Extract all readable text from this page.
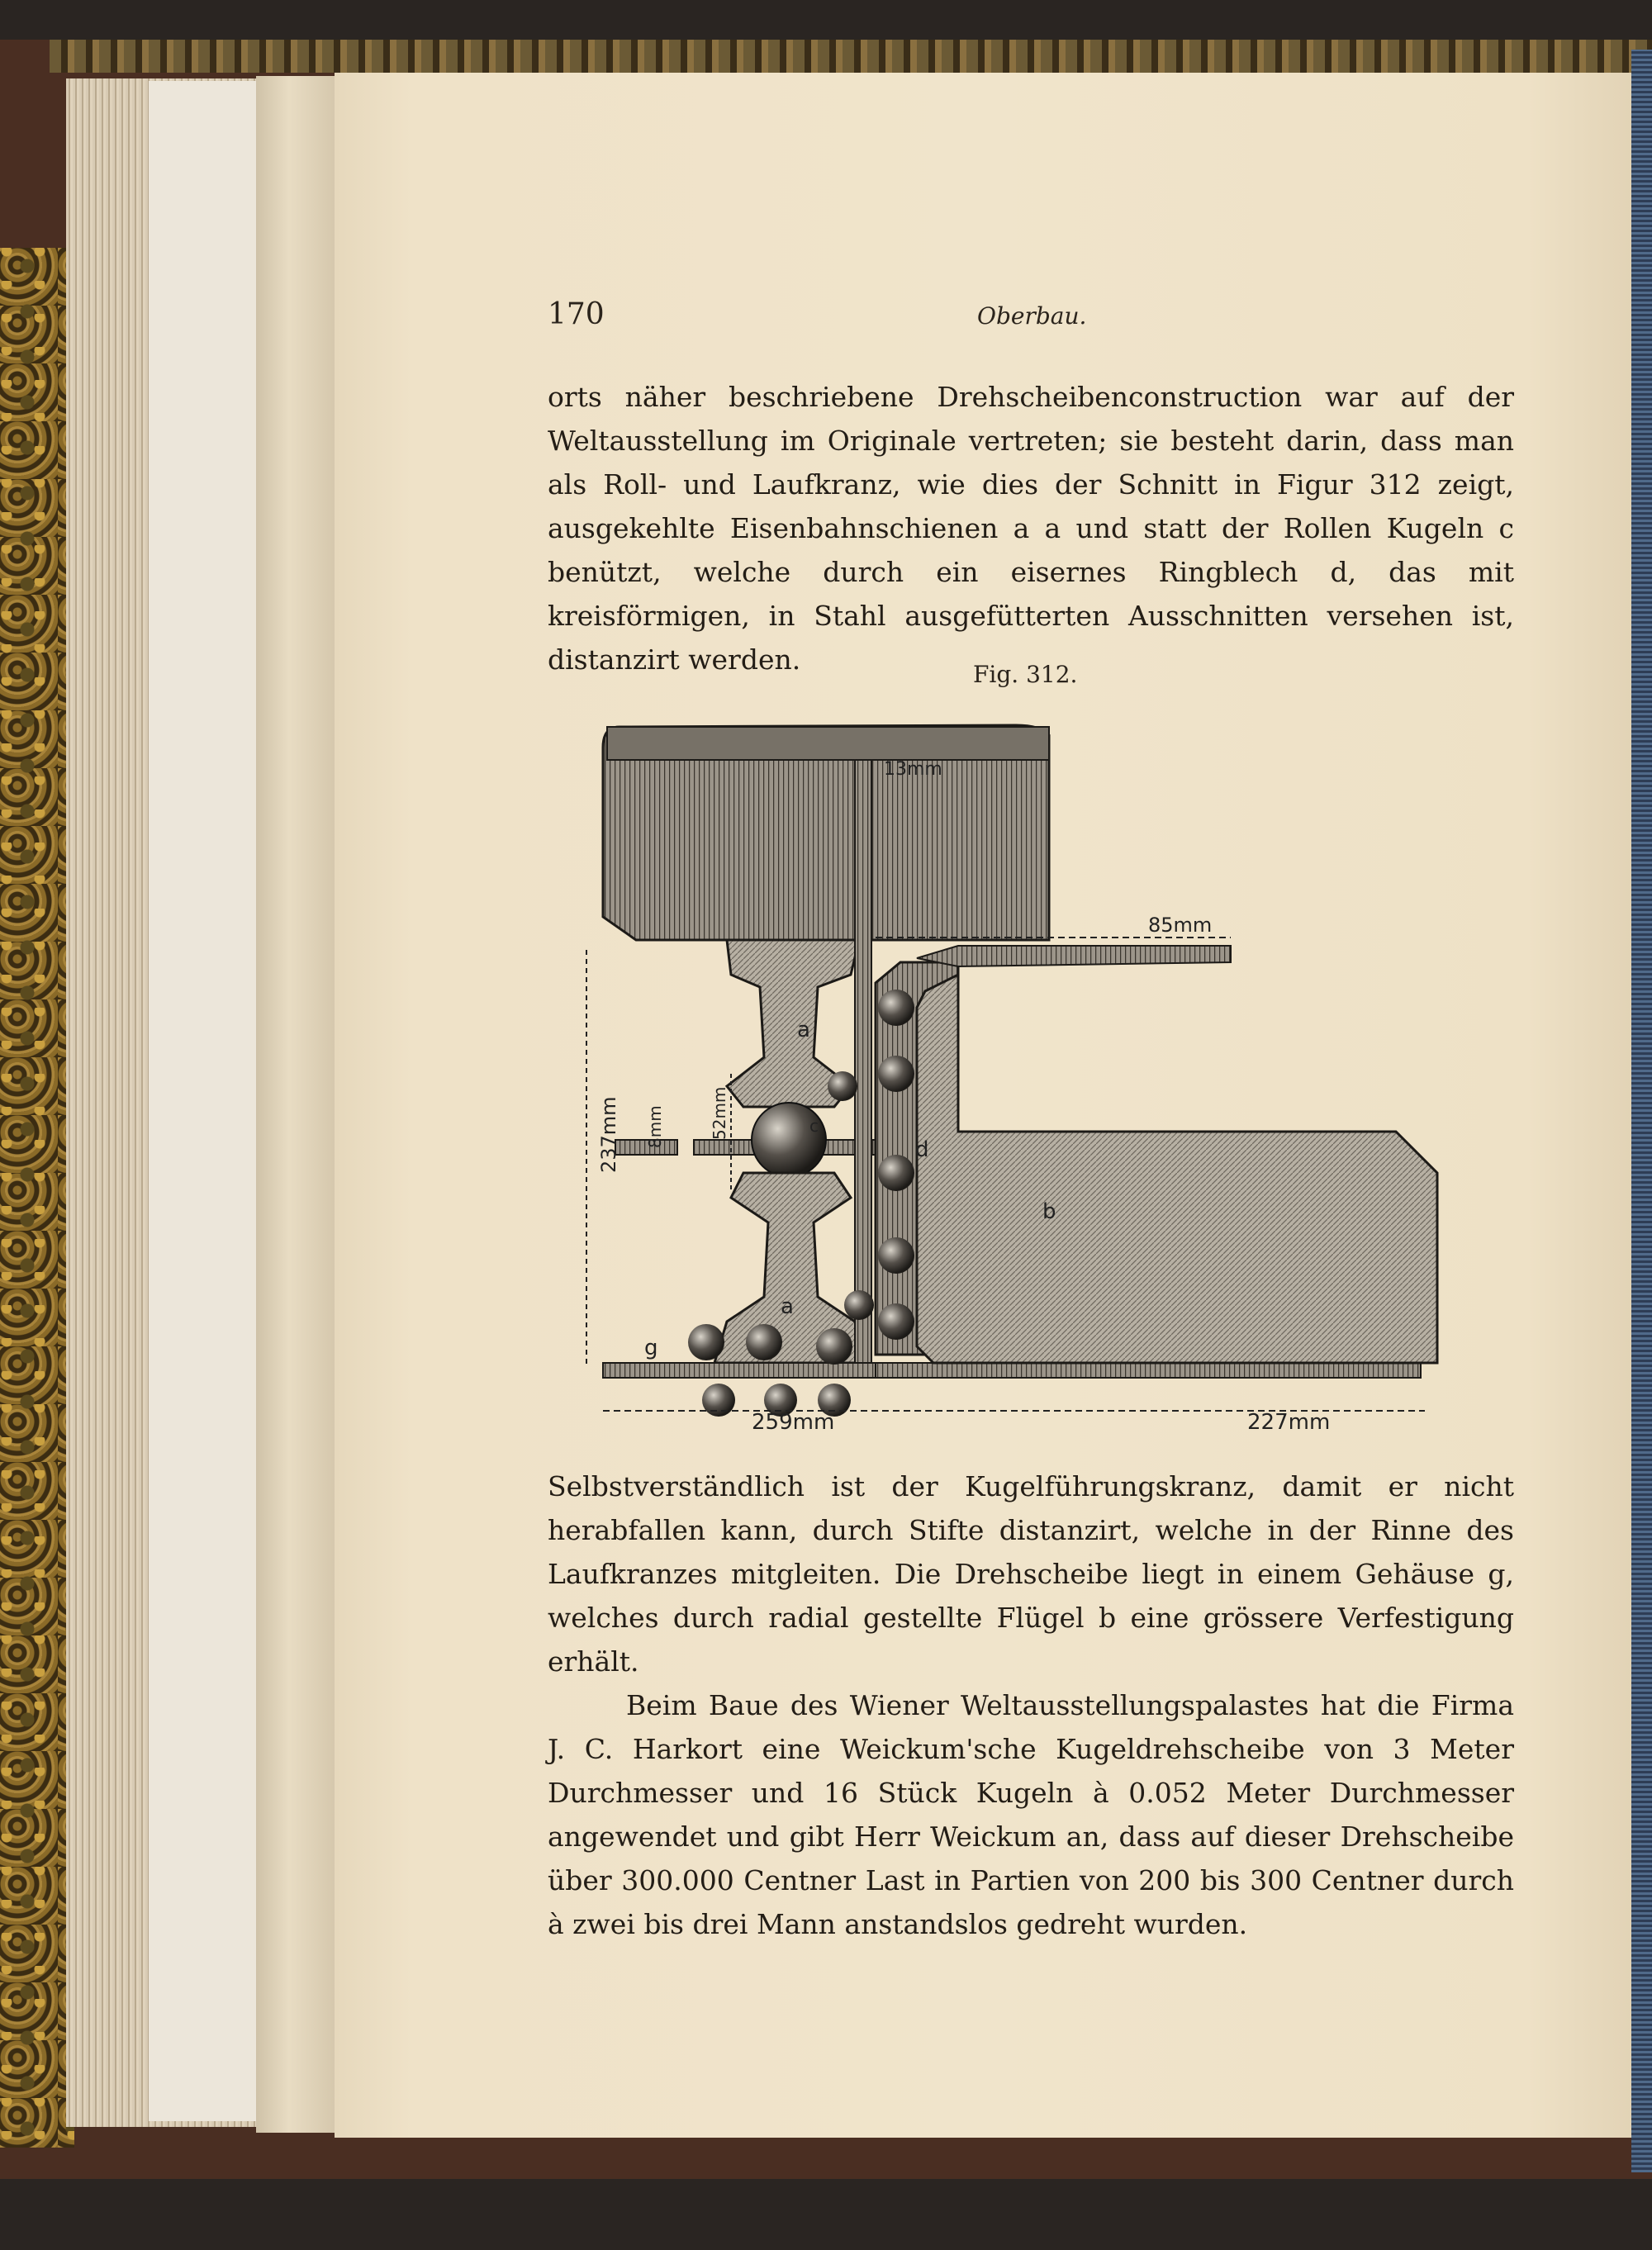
170	Oberbau.

orts näher beschriebene Drehscheibenconstruction war auf der Weltausstellung im Originale vertreten; sie besteht darin, dass man als Roll- und Laufkranz, wie dies der Schnitt in Figur 312 zeigt, ausgekehlte Eisenbahnschienen a a und statt der Rollen Kugeln c benützt, welche durch ein eisernes Ringblech d, das mit kreisförmigen, in Stahl ausgefütterten Ausschnitten versehen ist, distanzirt werden.	Fig. 312.
13mm
85mm
237mm 8mm	52mm
259mm	227mm
a
a
d
b
g
c

Selbstverständlich ist der Kugelführungskranz, damit er nicht herabfallen kann, durch Stifte distanzirt, welche in der Rinne des Laufkranzes mitgleiten. Die Drehscheibe liegt in einem Gehäuse g, welches durch radial gestellte Flügel b eine grössere Verfestigung erhält.

Beim Baue des Wiener Weltausstellungspalastes hat die Firma J. C. Harkort eine Weickum'sche Kugeldrehscheibe von 3 Meter Durchmesser und 16 Stück Kugeln à 0.052 Meter Durchmesser angewendet und gibt Herr Weickum an, dass auf dieser Drehscheibe über 300.000 Centner Last in Partien von 200 bis 300 Centner durch à zwei bis drei Mann anstandslos gedreht wurden.
